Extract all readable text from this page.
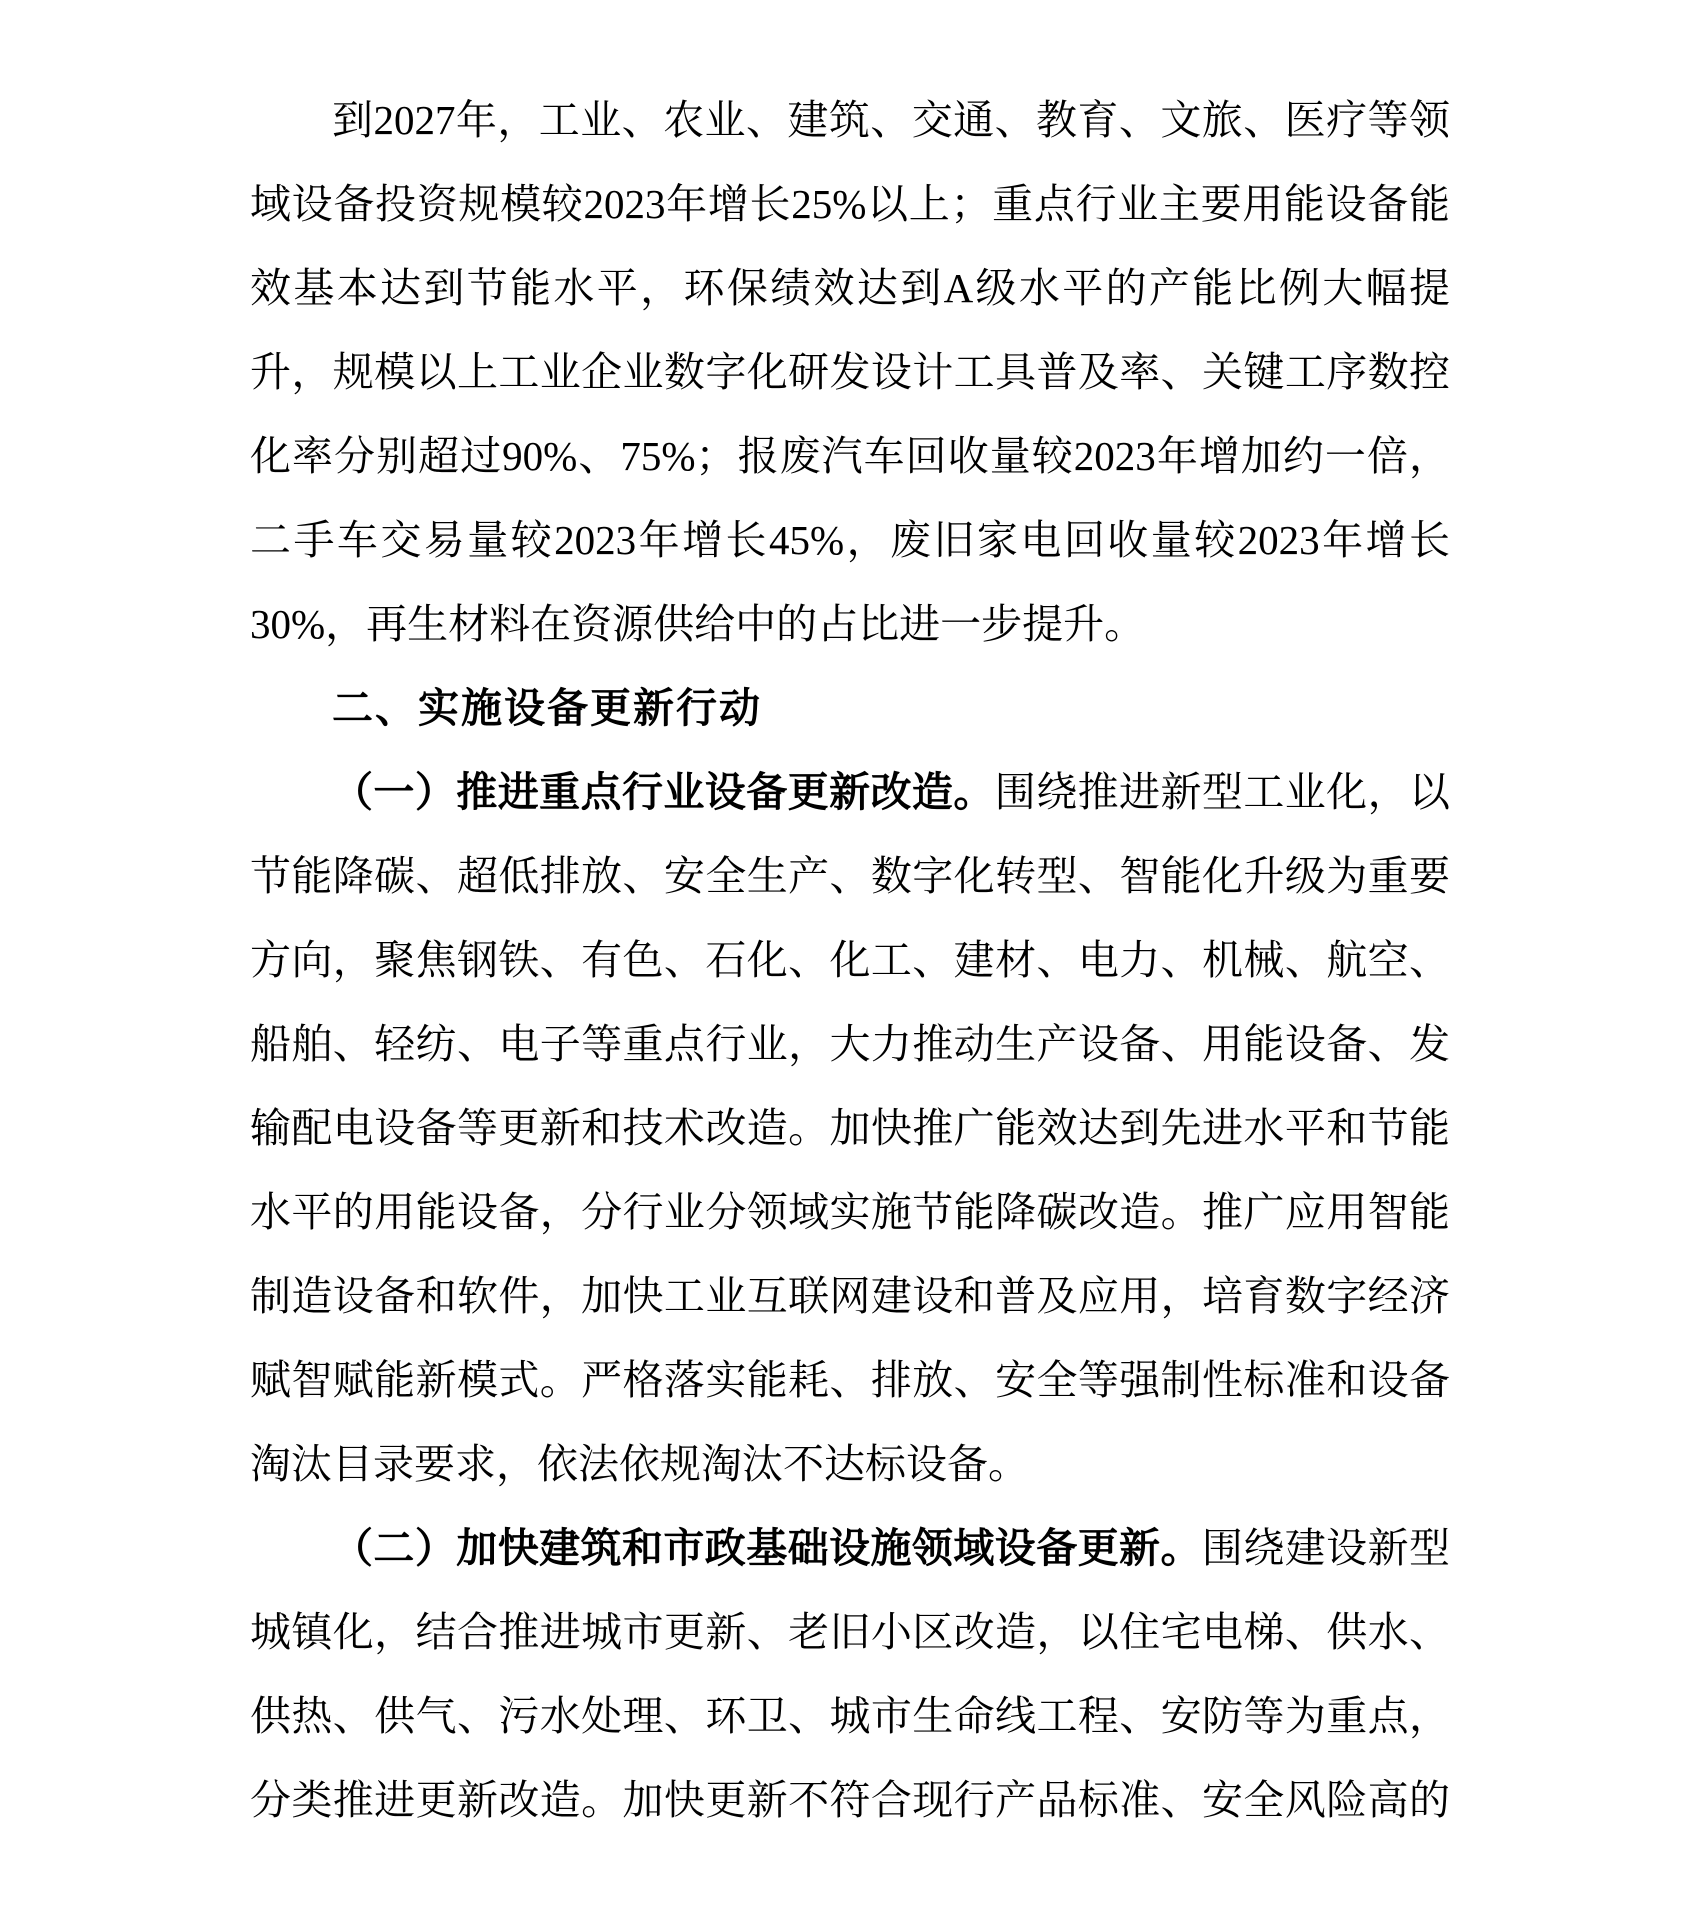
到2027年，工业、农业、建筑、交通、教育、文旅、医疗等领
域设备投资规模较2023年增长25%以上；重点行业主要用能设备能
效基本达到节能水平，环保绩效达到A级水平的产能比例大幅提
升，规模以上工业企业数字化研发设计工具普及率、关键工序数控
化率分别超过90%、75%；报废汽车回收量较2023年增加约一倍，
二手车交易量较2023年增长45%，废旧家电回收量较2023年增长
30%，再生材料在资源供给中的占比进一步提升。
二、实施设备更新行动
（一）推进重点行业设备更新改造。围绕推进新型工业化，以
节能降碳、超低排放、安全生产、数字化转型、智能化升级为重要
方向，聚焦钢铁、有色、石化、化工、建材、电力、机械、航空、
船舶、轻纺、电子等重点行业，大力推动生产设备、用能设备、发
输配电设备等更新和技术改造。加快推广能效达到先进水平和节能
水平的用能设备，分行业分领域实施节能降碳改造。推广应用智能
制造设备和软件，加快工业互联网建设和普及应用，培育数字经济
赋智赋能新模式。严格落实能耗、排放、安全等强制性标准和设备
淘汰目录要求，依法依规淘汰不达标设备。
（二）加快建筑和市政基础设施领域设备更新。围绕建设新型
城镇化，结合推进城市更新、老旧小区改造，以住宅电梯、供水、
供热、供气、污水处理、环卫、城市生命线工程、安防等为重点，
分类推进更新改造。加快更新不符合现行产品标准、安全风险高的
